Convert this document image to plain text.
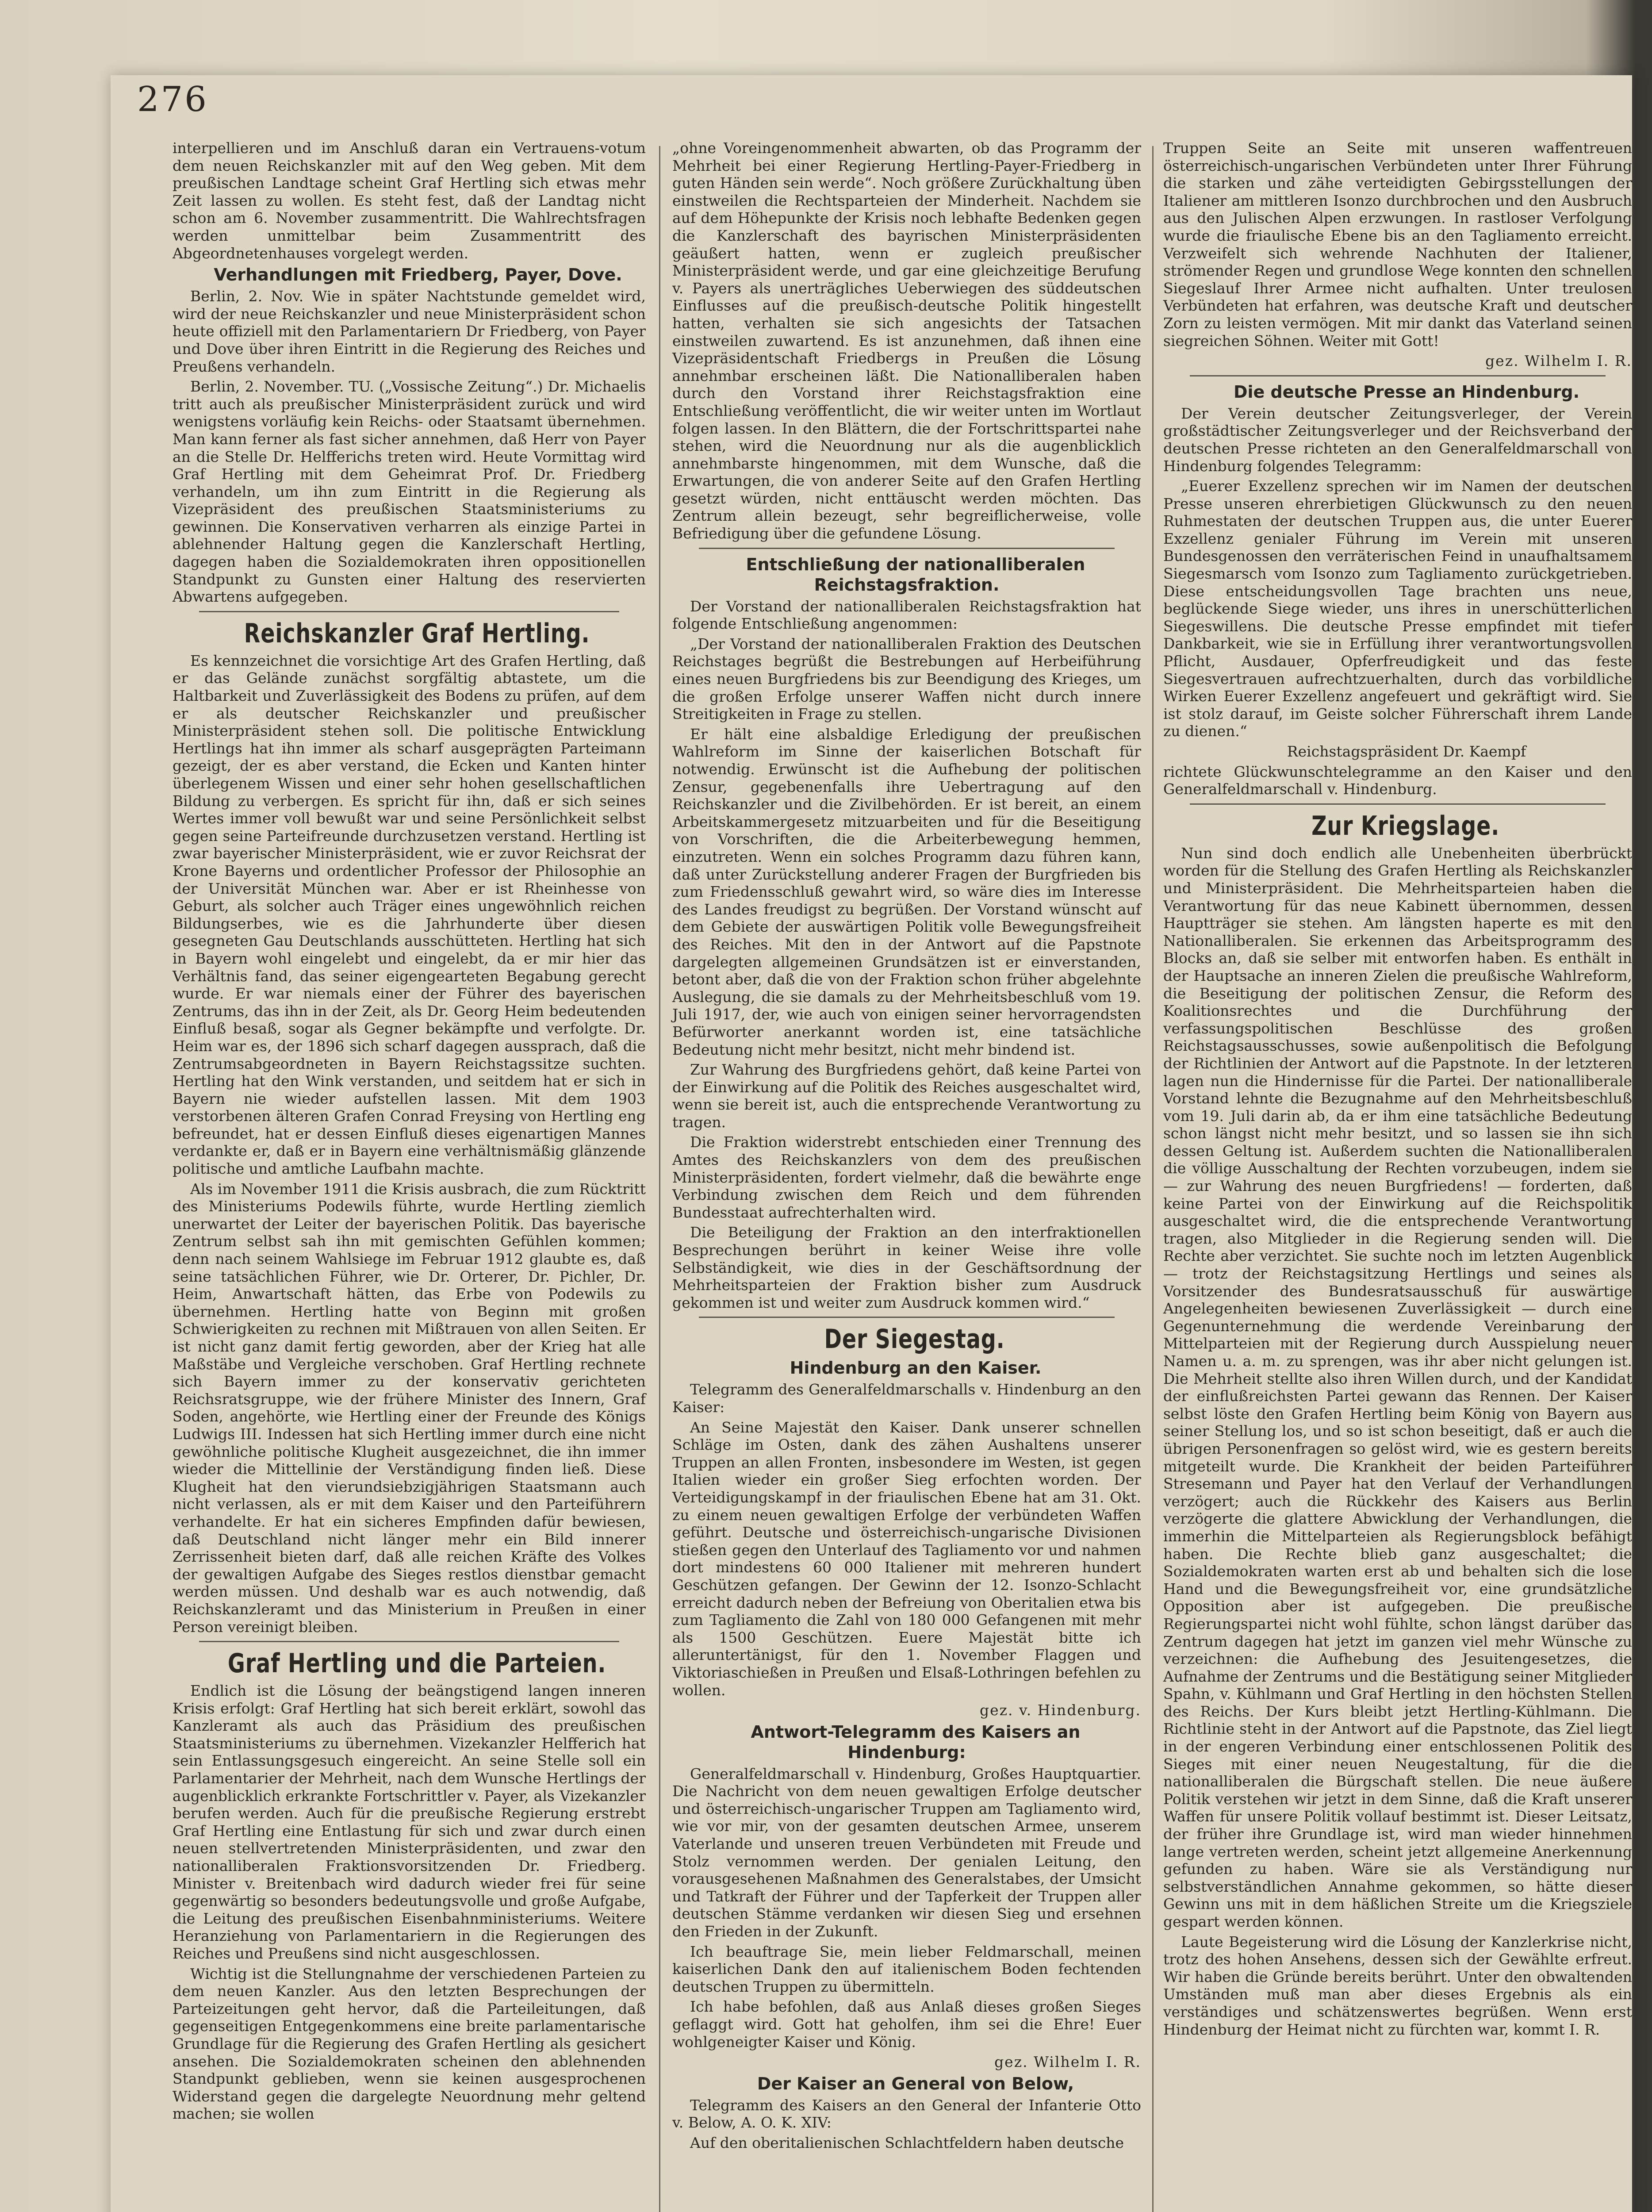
276

interpellieren und im Anschluß daran ein Vertrauens-votum dem neuen Reichskanzler mit auf den Weg geben. Mit dem preußischen Landtage scheint Graf Hertling sich etwas mehr Zeit lassen zu wollen. Es steht fest, daß der Landtag nicht schon am 6. November zusammentritt. Die Wahlrechtsfragen werden unmittelbar beim Zusammentritt des Abgeordnetenhauses vorgelegt werden.

Verhandlungen mit Friedberg, Payer, Dove.

Berlin, 2. Nov. Wie in später Nachtstunde gemeldet wird, wird der neue Reichskanzler und neue Ministerpräsident schon heute offiziell mit den Parlamentariern Dr Friedberg, von Payer und Dove über ihren Eintritt in die Regierung des Reiches und Preußens verhandeln.

Berlin, 2. November. TU. („Vossische Zeitung“.) Dr. Michaelis tritt auch als preußischer Ministerpräsident zurück und wird wenigstens vorläufig kein Reichs- oder Staatsamt übernehmen. Man kann ferner als fast sicher annehmen, daß Herr von Payer an die Stelle Dr. Helfferichs treten wird. Heute Vormittag wird Graf Hertling mit dem Geheimrat Prof. Dr. Friedberg verhandeln, um ihn zum Eintritt in die Regierung als Vizepräsident des preußischen Staatsministeriums zu gewinnen. Die Konservativen verharren als einzige Partei in ablehnender Haltung gegen die Kanzlerschaft Hertling, dagegen haben die Sozialdemokraten ihren oppositionellen Standpunkt zu Gunsten einer Haltung des reservierten Abwartens aufgegeben.

Reichskanzler Graf Hertling.

Es kennzeichnet die vorsichtige Art des Grafen Hertling, daß er das Gelände zunächst sorgfältig abtastete, um die Haltbarkeit und Zuverlässigkeit des Bodens zu prüfen, auf dem er als deutscher Reichskanzler und preußischer Ministerpräsident stehen soll. Die politische Entwicklung Hertlings hat ihn immer als scharf ausgeprägten Parteimann gezeigt, der es aber verstand, die Ecken und Kanten hinter überlegenem Wissen und einer sehr hohen gesellschaftlichen Bildung zu verbergen. Es spricht für ihn, daß er sich seines Wertes immer voll bewußt war und seine Persönlichkeit selbst gegen seine Parteifreunde durchzusetzen verstand. Hertling ist zwar bayerischer Ministerpräsident, wie er zuvor Reichsrat der Krone Bayerns und ordentlicher Professor der Philosophie an der Universität München war. Aber er ist Rheinhesse von Geburt, als solcher auch Träger eines ungewöhnlich reichen Bildungserbes, wie es die Jahrhunderte über diesen gesegneten Gau Deutschlands ausschütteten. Hertling hat sich in Bayern wohl eingelebt und eingelebt, da er mir hier das Verhältnis fand, das seiner eigengearteten Begabung gerecht wurde. Er war niemals einer der Führer des bayerischen Zentrums, das ihn in der Zeit, als Dr. Georg Heim bedeutenden Einfluß besaß, sogar als Gegner bekämpfte und verfolgte. Dr. Heim war es, der 1896 sich scharf dagegen aussprach, daß die Zentrumsabgeordneten in Bayern Reichstagssitze suchten. Hertling hat den Wink verstanden, und seitdem hat er sich in Bayern nie wieder aufstellen lassen. Mit dem 1903 verstorbenen älteren Grafen Conrad Freysing von Hertling eng befreundet, hat er dessen Einfluß dieses eigenartigen Mannes verdankte er, daß er in Bayern eine verhältnismäßig glänzende politische und amtliche Laufbahn machte.

Als im November 1911 die Krisis ausbrach, die zum Rücktritt des Ministeriums Podewils führte, wurde Hertling ziemlich unerwartet der Leiter der bayerischen Politik. Das bayerische Zentrum selbst sah ihn mit gemischten Gefühlen kommen; denn nach seinem Wahlsiege im Februar 1912 glaubte es, daß seine tatsächlichen Führer, wie Dr. Orterer, Dr. Pichler, Dr. Heim, Anwartschaft hätten, das Erbe von Podewils zu übernehmen. Hertling hatte von Beginn mit großen Schwierigkeiten zu rechnen mit Mißtrauen von allen Seiten. Er ist nicht ganz damit fertig geworden, aber der Krieg hat alle Maßstäbe und Vergleiche verschoben. Graf Hertling rechnete sich Bayern immer zu der konservativ gerichteten Reichsratsgruppe, wie der frühere Minister des Innern, Graf Soden, angehörte, wie Hertling einer der Freunde des Königs Ludwigs III. Indessen hat sich Hertling immer durch eine nicht gewöhnliche politische Klugheit ausgezeichnet, die ihn immer wieder die Mittellinie der Verständigung finden ließ. Diese Klugheit hat den vierundsiebzigjährigen Staatsmann auch nicht verlassen, als er mit dem Kaiser und den Parteiführern verhandelte. Er hat ein sicheres Empfinden dafür bewiesen, daß Deutschland nicht länger mehr ein Bild innerer Zerrissenheit bieten darf, daß alle reichen Kräfte des Volkes der gewaltigen Aufgabe des Sieges restlos dienstbar gemacht werden müssen. Und deshalb war es auch notwendig, daß Reichskanzleramt und das Ministerium in Preußen in einer Person vereinigt bleiben.

Graf Hertling und die Parteien.

Endlich ist die Lösung der beängstigend langen inneren Krisis erfolgt: Graf Hertling hat sich bereit erklärt, sowohl das Kanzleramt als auch das Präsidium des preußischen Staatsministeriums zu übernehmen. Vizekanzler Helfferich hat sein Entlassungsgesuch eingereicht. An seine Stelle soll ein Parlamentarier der Mehrheit, nach dem Wunsche Hertlings der augenblicklich erkrankte Fortschrittler v. Payer, als Vizekanzler berufen werden. Auch für die preußische Regierung erstrebt Graf Hertling eine Entlastung für sich und zwar durch einen neuen stellvertretenden Ministerpräsidenten, und zwar den nationalliberalen Fraktionsvorsitzenden Dr. Friedberg. Minister v. Breitenbach wird dadurch wieder frei für seine gegenwärtig so besonders bedeutungsvolle und große Aufgabe, die Leitung des preußischen Eisenbahnministeriums. Weitere Heranziehung von Parlamentariern in die Regierungen des Reiches und Preußens sind nicht ausgeschlossen.

Wichtig ist die Stellungnahme der verschiedenen Parteien zu dem neuen Kanzler. Aus den letzten Besprechungen der Parteizeitungen geht hervor, daß die Parteileitungen, daß gegenseitigen Entgegenkommens eine breite parlamentarische Grundlage für die Regierung des Grafen Hertling als gesichert ansehen. Die Sozialdemokraten scheinen den ablehnenden Standpunkt geblieben, wenn sie keinen ausgesprochenen Widerstand gegen die dargelegte Neuordnung mehr geltend machen; sie wollen

„ohne Voreingenommenheit abwarten, ob das Programm der Mehrheit bei einer Regierung Hertling-Payer-Friedberg in guten Händen sein werde“. Noch größere Zurückhaltung üben einstweilen die Rechtsparteien der Minderheit. Nachdem sie auf dem Höhepunkte der Krisis noch lebhafte Bedenken gegen die Kanzlerschaft des bayrischen Ministerpräsidenten geäußert hatten, wenn er zugleich preußischer Ministerpräsident werde, und gar eine gleichzeitige Berufung v. Payers als unerträgliches Ueberwiegen des süddeutschen Einflusses auf die preußisch-deutsche Politik hingestellt hatten, verhalten sie sich angesichts der Tatsachen einstweilen zuwartend. Es ist anzunehmen, daß ihnen eine Vizepräsidentschaft Friedbergs in Preußen die Lösung annehmbar erscheinen läßt. Die Nationalliberalen haben durch den Vorstand ihrer Reichstagsfraktion eine Entschließung veröffentlicht, die wir weiter unten im Wortlaut folgen lassen. In den Blättern, die der Fortschrittspartei nahe stehen, wird die Neuordnung nur als die augenblicklich annehmbarste hingenommen, mit dem Wunsche, daß die Erwartungen, die von anderer Seite auf den Grafen Hertling gesetzt würden, nicht enttäuscht werden möchten. Das Zentrum allein bezeugt, sehr begreiflicherweise, volle Befriedigung über die gefundene Lösung.

Entschließung der nationalliberalen Reichstagsfraktion.

Der Vorstand der nationalliberalen Reichstagsfraktion hat folgende Entschließung angenommen:

„Der Vorstand der nationalliberalen Fraktion des Deutschen Reichstages begrüßt die Bestrebungen auf Herbeiführung eines neuen Burgfriedens bis zur Beendigung des Krieges, um die großen Erfolge unserer Waffen nicht durch innere Streitigkeiten in Frage zu stellen.

Er hält eine alsbaldige Erledigung der preußischen Wahlreform im Sinne der kaiserlichen Botschaft für notwendig. Erwünscht ist die Aufhebung der politischen Zensur, gegebenenfalls ihre Uebertragung auf den Reichskanzler und die Zivilbehörden. Er ist bereit, an einem Arbeitskammergesetz mitzuarbeiten und für die Beseitigung von Vorschriften, die die Arbeiterbewegung hemmen, einzutreten. Wenn ein solches Programm dazu führen kann, daß unter Zurückstellung anderer Fragen der Burgfrieden bis zum Friedensschluß gewahrt wird, so wäre dies im Interesse des Landes freudigst zu begrüßen. Der Vorstand wünscht auf dem Gebiete der auswärtigen Politik volle Bewegungsfreiheit des Reiches. Mit den in der Antwort auf die Papstnote dargelegten allgemeinen Grundsätzen ist er einverstanden, betont aber, daß die von der Fraktion schon früher abgelehnte Auslegung, die sie damals zu der Mehrheitsbeschluß vom 19. Juli 1917, der, wie auch von einigen seiner hervorragendsten Befürworter anerkannt worden ist, eine tatsächliche Bedeutung nicht mehr besitzt, nicht mehr bindend ist.

Zur Wahrung des Burgfriedens gehört, daß keine Partei von der Einwirkung auf die Politik des Reiches ausgeschaltet wird, wenn sie bereit ist, auch die entsprechende Verantwortung zu tragen.

Die Fraktion widerstrebt entschieden einer Trennung des Amtes des Reichskanzlers von dem des preußischen Ministerpräsidenten, fordert vielmehr, daß die bewährte enge Verbindung zwischen dem Reich und dem führenden Bundesstaat aufrechterhalten wird.

Die Beteiligung der Fraktion an den interfraktionellen Besprechungen berührt in keiner Weise ihre volle Selbständigkeit, wie dies in der Geschäftsordnung der Mehrheitsparteien der Fraktion bisher zum Ausdruck gekommen ist und weiter zum Ausdruck kommen wird.“

Der Siegestag.

Hindenburg an den Kaiser.

Telegramm des Generalfeldmarschalls v. Hindenburg an den Kaiser:

An Seine Majestät den Kaiser. Dank unserer schnellen Schläge im Osten, dank des zähen Aushaltens unserer Truppen an allen Fronten, insbesondere im Westen, ist gegen Italien wieder ein großer Sieg erfochten worden. Der Verteidigungskampf in der friaulischen Ebene hat am 31. Okt. zu einem neuen gewaltigen Erfolge der verbündeten Waffen geführt. Deutsche und österreichisch-ungarische Divisionen stießen gegen den Unterlauf des Tagliamento vor und nahmen dort mindestens 60 000 Italiener mit mehreren hundert Geschützen gefangen. Der Gewinn der 12. Isonzo-Schlacht erreicht dadurch neben der Befreiung von Oberitalien etwa bis zum Tagliamento die Zahl von 180 000 Gefangenen mit mehr als 1500 Geschützen. Euere Majestät bitte ich alleruntertänigst, für den 1. November Flaggen und Viktoriaschießen in Preußen und Elsaß-Lothringen befehlen zu wollen.

gez. v. Hindenburg.

Antwort-Telegramm des Kaisers an Hindenburg:

Generalfeldmarschall v. Hindenburg, Großes Hauptquartier. Die Nachricht von dem neuen gewaltigen Erfolge deutscher und österreichisch-ungarischer Truppen am Tagliamento wird, wie vor mir, von der gesamten deutschen Armee, unserem Vaterlande und unseren treuen Verbündeten mit Freude und Stolz vernommen werden. Der genialen Leitung, den vorausgesehenen Maßnahmen des Generalstabes, der Umsicht und Tatkraft der Führer und der Tapferkeit der Truppen aller deutschen Stämme verdanken wir diesen Sieg und ersehnen den Frieden in der Zukunft.

Ich beauftrage Sie, mein lieber Feldmarschall, meinen kaiserlichen Dank den auf italienischem Boden fechtenden deutschen Truppen zu übermitteln.

Ich habe befohlen, daß aus Anlaß dieses großen Sieges geflaggt wird. Gott hat geholfen, ihm sei die Ehre! Euer wohlgeneigter Kaiser und König.

gez. Wilhelm I. R.

Der Kaiser an General von Below,

Telegramm des Kaisers an den General der Infanterie Otto v. Below, A. O. K. XIV:

Auf den oberitalienischen Schlachtfeldern haben deutsche

Truppen Seite an Seite mit unseren waffentreuen österreichisch-ungarischen Verbündeten unter Ihrer Führung die starken und zähe verteidigten Gebirgsstellungen der Italiener am mittleren Isonzo durchbrochen und den Ausbruch aus den Julischen Alpen erzwungen. In rastloser Verfolgung wurde die friaulische Ebene bis an den Tagliamento erreicht. Verzweifelt sich wehrende Nachhuten der Italiener, strömender Regen und grundlose Wege konnten den schnellen Siegeslauf Ihrer Armee nicht aufhalten. Unter treulosen Verbündeten hat erfahren, was deutsche Kraft und deutscher Zorn zu leisten vermögen. Mit mir dankt das Vaterland seinen siegreichen Söhnen. Weiter mit Gott!

gez. Wilhelm I. R.

Die deutsche Presse an Hindenburg.

Der Verein deutscher Zeitungsverleger, der Verein großstädtischer Zeitungsverleger und der Reichsverband der deutschen Presse richteten an den Generalfeldmarschall von Hindenburg folgendes Telegramm:

„Euerer Exzellenz sprechen wir im Namen der deutschen Presse unseren ehrerbietigen Glückwunsch zu den neuen Ruhmestaten der deutschen Truppen aus, die unter Euerer Exzellenz genialer Führung im Verein mit unseren Bundesgenossen den verräterischen Feind in unaufhaltsamem Siegesmarsch vom Isonzo zum Tagliamento zurückgetrieben. Diese entscheidungsvollen Tage brachten uns neue, beglückende Siege wieder, uns ihres in unerschütterlichen Siegeswillens. Die deutsche Presse empfindet mit tiefer Dankbarkeit, wie sie in Erfüllung ihrer verantwortungsvollen Pflicht, Ausdauer, Opferfreudigkeit und das feste Siegesvertrauen aufrechtzuerhalten, durch das vorbildliche Wirken Euerer Exzellenz angefeuert und gekräftigt wird. Sie ist stolz darauf, im Geiste solcher Führerschaft ihrem Lande zu dienen.“

Reichstagspräsident Dr. Kaempf

richtete Glückwunschtelegramme an den Kaiser und den Generalfeldmarschall v. Hindenburg.

Zur Kriegslage.

Nun sind doch endlich alle Unebenheiten überbrückt worden für die Stellung des Grafen Hertling als Reichskanzler und Ministerpräsident. Die Mehrheitsparteien haben die Verantwortung für das neue Kabinett übernommen, dessen Hauptträger sie stehen. Am längsten haperte es mit den Nationalliberalen. Sie erkennen das Arbeitsprogramm des Blocks an, daß sie selber mit entworfen haben. Es enthält in der Hauptsache an inneren Zielen die preußische Wahlreform, die Beseitigung der politischen Zensur, die Reform des Koalitionsrechtes und die Durchführung der verfassungspolitischen Beschlüsse des großen Reichstagsausschusses, sowie außenpolitisch die Befolgung der Richtlinien der Antwort auf die Papstnote. In der letzteren lagen nun die Hindernisse für die Partei. Der nationalliberale Vorstand lehnte die Bezugnahme auf den Mehrheitsbeschluß vom 19. Juli darin ab, da er ihm eine tatsächliche Bedeutung schon längst nicht mehr besitzt, und so lassen sie ihn sich dessen Geltung ist. Außerdem suchten die Nationalliberalen die völlige Ausschaltung der Rechten vorzubeugen, indem sie — zur Wahrung des neuen Burgfriedens! — forderten, daß keine Partei von der Einwirkung auf die Reichspolitik ausgeschaltet wird, die die entsprechende Verantwortung tragen, also Mitglieder in die Regierung senden will. Die Rechte aber verzichtet. Sie suchte noch im letzten Augenblick — trotz der Reichstagsitzung Hertlings und seines als Vorsitzender des Bundesratsausschuß für auswärtige Angelegenheiten bewiesenen Zuverlässigkeit — durch eine Gegenunternehmung die werdende Vereinbarung der Mittelparteien mit der Regierung durch Ausspielung neuer Namen u. a. m. zu sprengen, was ihr aber nicht gelungen ist. Die Mehrheit stellte also ihren Willen durch, und der Kandidat der einflußreichsten Partei gewann das Rennen. Der Kaiser selbst löste den Grafen Hertling beim König von Bayern aus seiner Stellung los, und so ist schon beseitigt, daß er auch die übrigen Personenfragen so gelöst wird, wie es gestern bereits mitgeteilt wurde. Die Krankheit der beiden Parteiführer Stresemann und Payer hat den Verlauf der Verhandlungen verzögert; auch die Rückkehr des Kaisers aus Berlin verzögerte die glattere Abwicklung der Verhandlungen, die immerhin die Mittelparteien als Regierungsblock befähigt haben. Die Rechte blieb ganz ausgeschaltet; die Sozialdemokraten warten erst ab und behalten sich die lose Hand und die Bewegungsfreiheit vor, eine grundsätzliche Opposition aber ist aufgegeben. Die preußische Regierungspartei nicht wohl fühlte, schon längst darüber das Zentrum dagegen hat jetzt im ganzen viel mehr Wünsche zu verzeichnen: die Aufhebung des Jesuitengesetzes, die Aufnahme der Zentrums und die Bestätigung seiner Mitglieder Spahn, v. Kühlmann und Graf Hertling in den höchsten Stellen des Reichs. Der Kurs bleibt jetzt Hertling-Kühlmann. Die Richtlinie steht in der Antwort auf die Papstnote, das Ziel liegt in der engeren Verbindung einer entschlossenen Politik des Sieges mit einer neuen Neugestaltung, für die die nationalliberalen die Bürgschaft stellen. Die neue äußere Politik verstehen wir jetzt in dem Sinne, daß die Kraft unserer Waffen für unsere Politik vollauf bestimmt ist. Dieser Leitsatz, der früher ihre Grundlage ist, wird man wieder hinnehmen lange vertreten werden, scheint jetzt allgemeine Anerkennung gefunden zu haben. Wäre sie als Verständigung nur selbstverständlichen Annahme gekommen, so hätte dieser Gewinn uns mit in dem häßlichen Streite um die Kriegsziele gespart werden können.

Laute Begeisterung wird die Lösung der Kanzlerkrise nicht, trotz des hohen Ansehens, dessen sich der Gewählte erfreut. Wir haben die Gründe bereits berührt. Unter den obwaltenden Umständen muß man aber dieses Ergebnis als ein verständiges und schätzenswertes begrüßen. Wenn erst Hindenburg der Heimat nicht zu fürchten war, kommt I. R.
